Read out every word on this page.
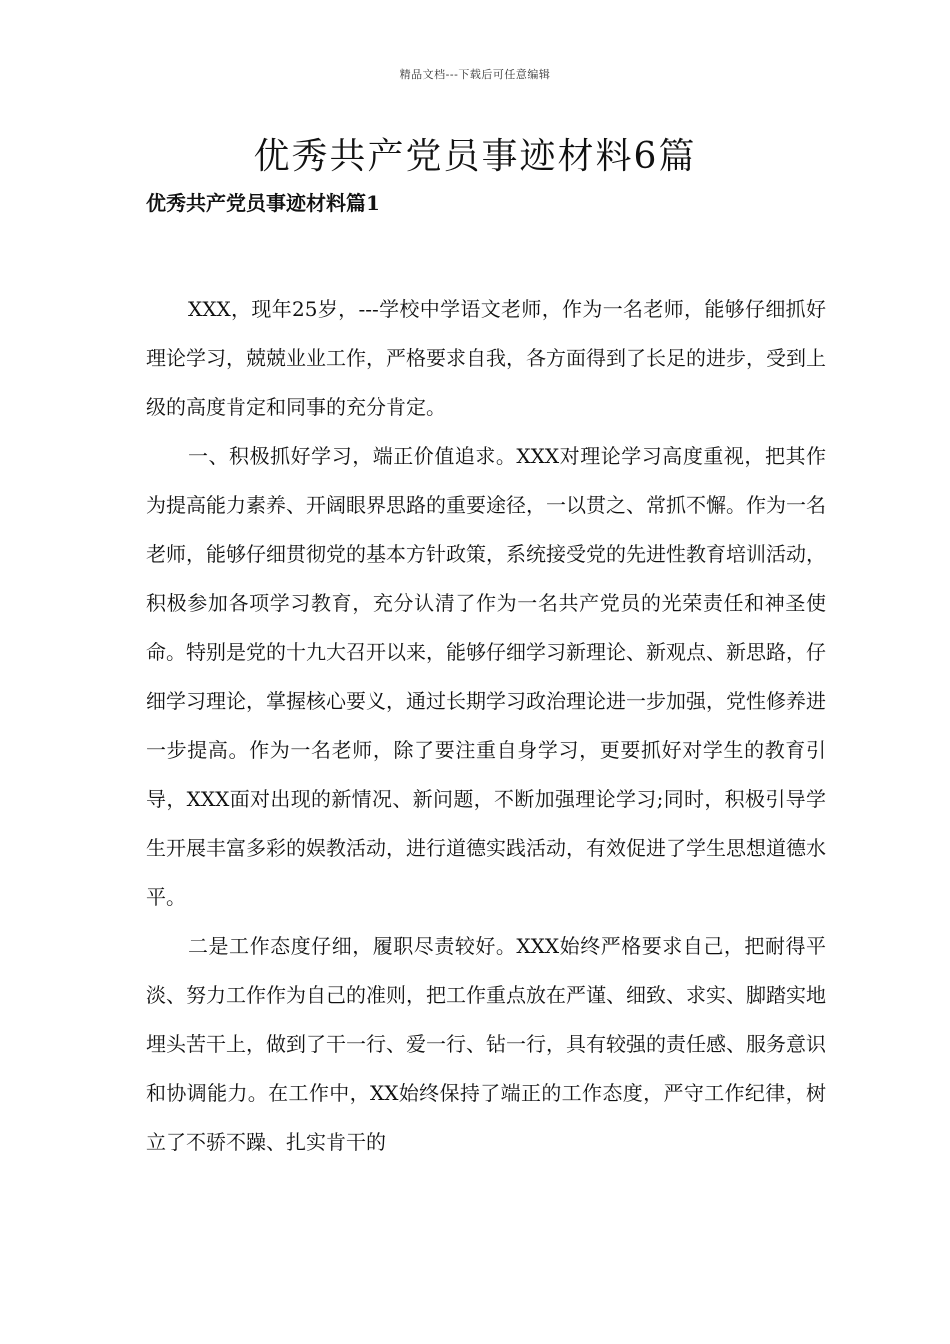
精品文档---下载后可任意编辑
优秀共产党员事迹材料6篇
优秀共产党员事迹材料篇1

XXX，现年25岁，---学校中学语文老师，作为一名老师，能够仔细抓好理论学习，兢兢业业工作，严格要求自我，各方面得到了长足的进步，受到上级的高度肯定和同事的充分肯定。

一、积极抓好学习，端正价值追求。XXX对理论学习高度重视，把其作为提高能力素养、开阔眼界思路的重要途径，一以贯之、常抓不懈。作为一名老师，能够仔细贯彻党的基本方针政策，系统接受党的先进性教育培训活动，积极参加各项学习教育，充分认清了作为一名共产党员的光荣责任和神圣使命。特别是党的十九大召开以来，能够仔细学习新理论、新观点、新思路，仔细学习理论，掌握核心要义，通过长期学习政治理论进一步加强，党性修养进一步提高。作为一名老师，除了要注重自身学习，更要抓好对学生的教育引导，XXX面对出现的新情况、新问题，不断加强理论学习;同时，积极引导学生开展丰富多彩的娱教活动，进行道德实践活动，有效促进了学生思想道德水平。

二是工作态度仔细，履职尽责较好。XXX始终严格要求自己，把耐得平淡、努力工作作为自己的准则，把工作重点放在严谨、细致、求实、脚踏实地埋头苦干上，做到了干一行、爱一行、钻一行，具有较强的责任感、服务意识和协调能力。在工作中，XX始终保持了端正的工作态度，严守工作纪律，树立了不骄不躁、扎实肯干的
